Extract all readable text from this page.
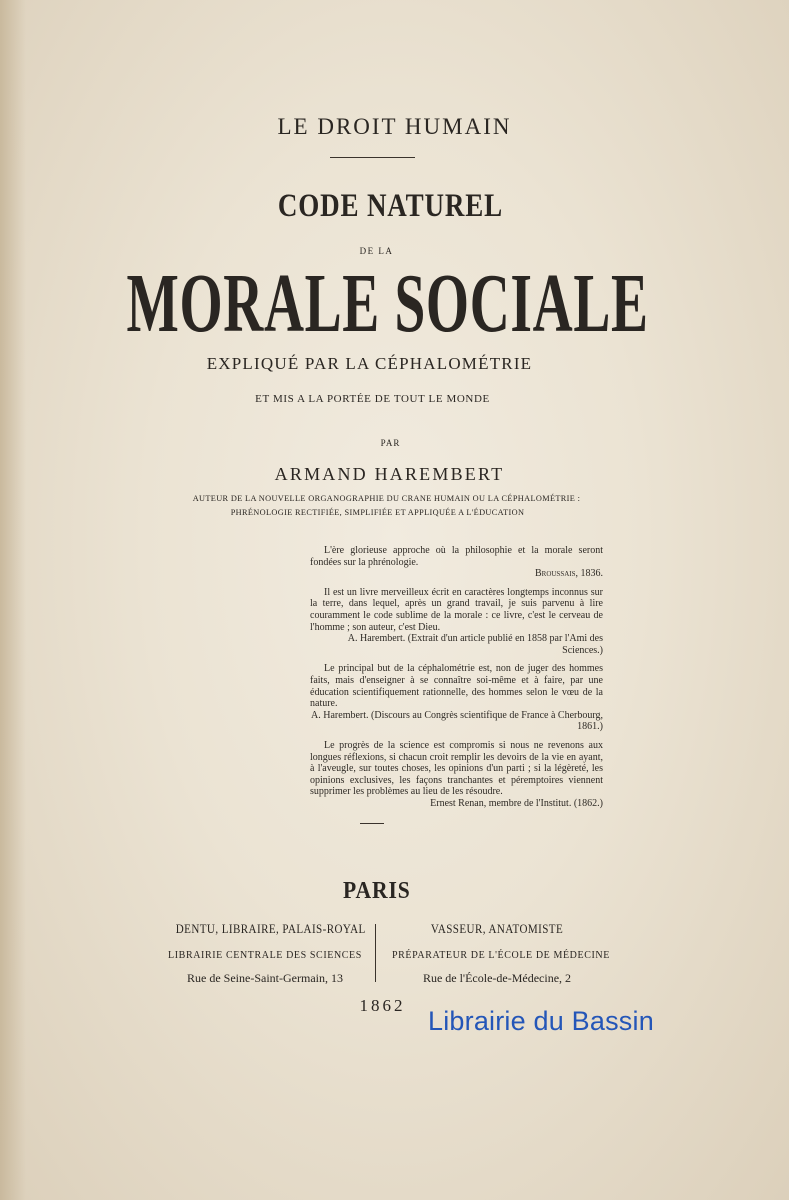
LE DROIT HUMAIN
CODE NATUREL
DE LA
MORALE SOCIALE
EXPLIQUÉ PAR LA CÉPHALOMÉTRIE
ET MIS A LA PORTÉE DE TOUT LE MONDE
PAR
ARMAND HAREMBERT
AUTEUR DE LA NOUVELLE ORGANOGRAPHIE DU CRANE HUMAIN OU LA CÉPHALOMÉTRIE :
PHRÉNOLOGIE RECTIFIÉE, SIMPLIFIÉE ET APPLIQUÉE A L'ÉDUCATION

L'ère glorieuse approche où la philosophie et la morale seront fondées sur la phrénologie.

Broussais, 1836.

Il est un livre merveilleux écrit en caractères longtemps inconnus sur la terre, dans lequel, après un grand travail, je suis parvenu à lire couramment le code sublime de la morale : ce livre, c'est le cerveau de l'homme ; son auteur, c'est Dieu.

A. Harembert. (Extrait d'un article publié en 1858 par l'Ami des Sciences.)

Le principal but de la céphalométrie est, non de juger des hommes faits, mais d'enseigner à se connaître soi-même et à faire, par une éducation scientifiquement rationnelle, des hommes selon le vœu de la nature.

A. Harembert. (Discours au Congrès scientifique de France à Cherbourg, 1861.)

Le progrès de la science est compromis si nous ne revenons aux longues réflexions, si chacun croit remplir les devoirs de la vie en ayant, à l'aveugle, sur toutes choses, les opinions d'un parti ; si la légèreté, les opinions exclusives, les façons tranchantes et péremptoires viennent supprimer les problèmes au lieu de les résoudre.

Ernest Renan, membre de l'Institut. (1862.)

PARIS
DENTU, LIBRAIRE, PALAIS-ROYAL
LIBRAIRIE CENTRALE DES SCIENCES
Rue de Seine-Saint-Germain, 13
VASSEUR, ANATOMISTE
PRÉPARATEUR DE L'ÉCOLE DE MÉDECINE
Rue de l'École-de-Médecine, 2
1862
Librairie du Bassin
